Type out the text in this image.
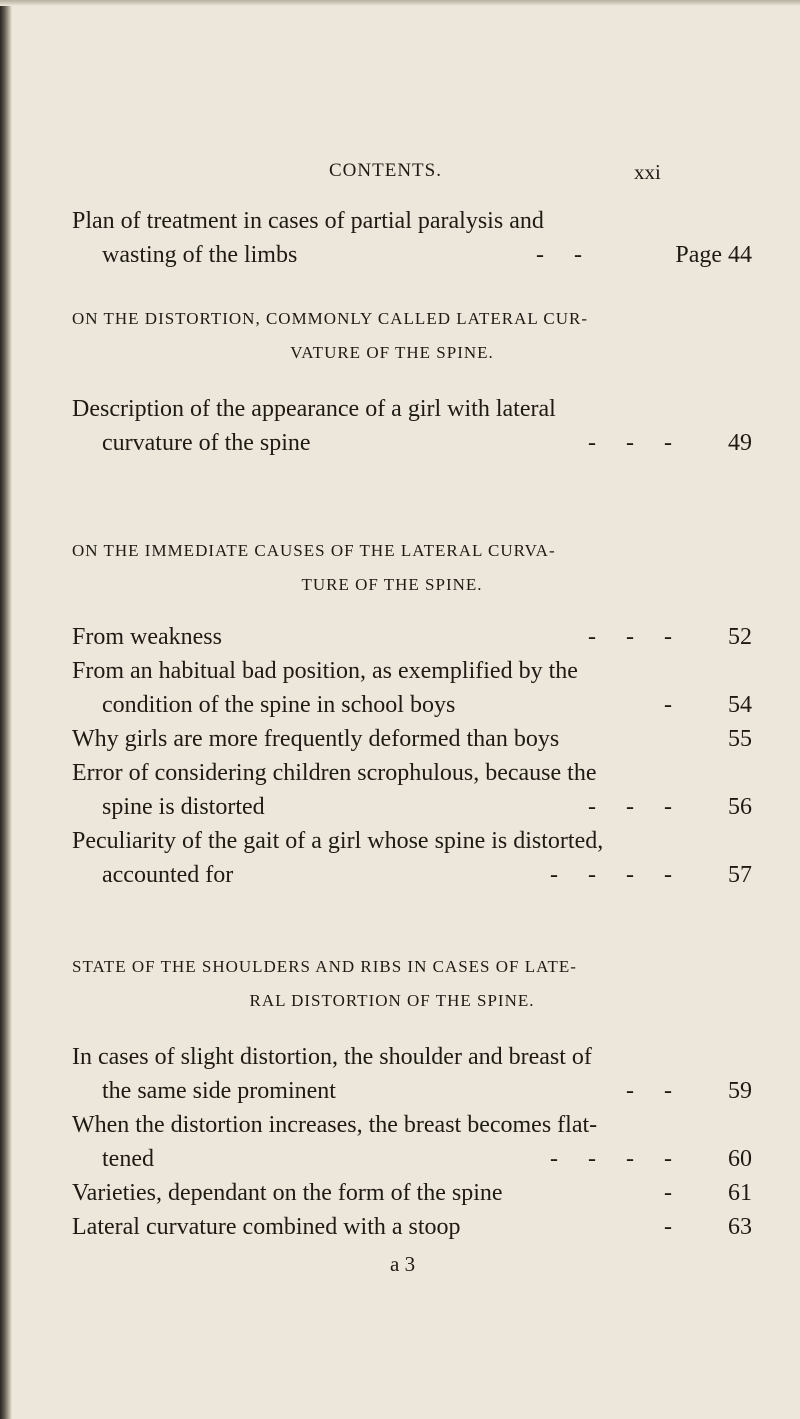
CONTENTS.	xxi
Plan of treatment in cases of partial paralysis and
wasting of the limbs	-     -	Page 44
ON THE DISTORTION, COMMONLY CALLED LATERAL CUR-
VATURE OF THE SPINE.
Description of the appearance of a girl with lateral
curvature of the spine	-     -     -	49
ON THE IMMEDIATE CAUSES OF THE LATERAL CURVA-
TURE OF THE SPINE.
From weakness	-     -     -	52
From an habitual bad position, as exemplified by the
condition of the spine in school boys	-	54
Why girls are more frequently deformed than boys	55
Error of considering children scrophulous, because the
spine is distorted	-     -     -	56
Peculiarity of the gait of a girl whose spine is distorted,
accounted for	-     -     -     -	57
STATE OF THE SHOULDERS AND RIBS IN CASES OF LATE-
RAL DISTORTION OF THE SPINE.
In cases of slight distortion, the shoulder and breast of
the same side prominent	-     -	59
When the distortion increases, the breast becomes flat-
tened	-     -     -     -	60
Varieties, dependant on the form of the spine	-	61
Lateral curvature combined with a stoop	-	63
a 3
